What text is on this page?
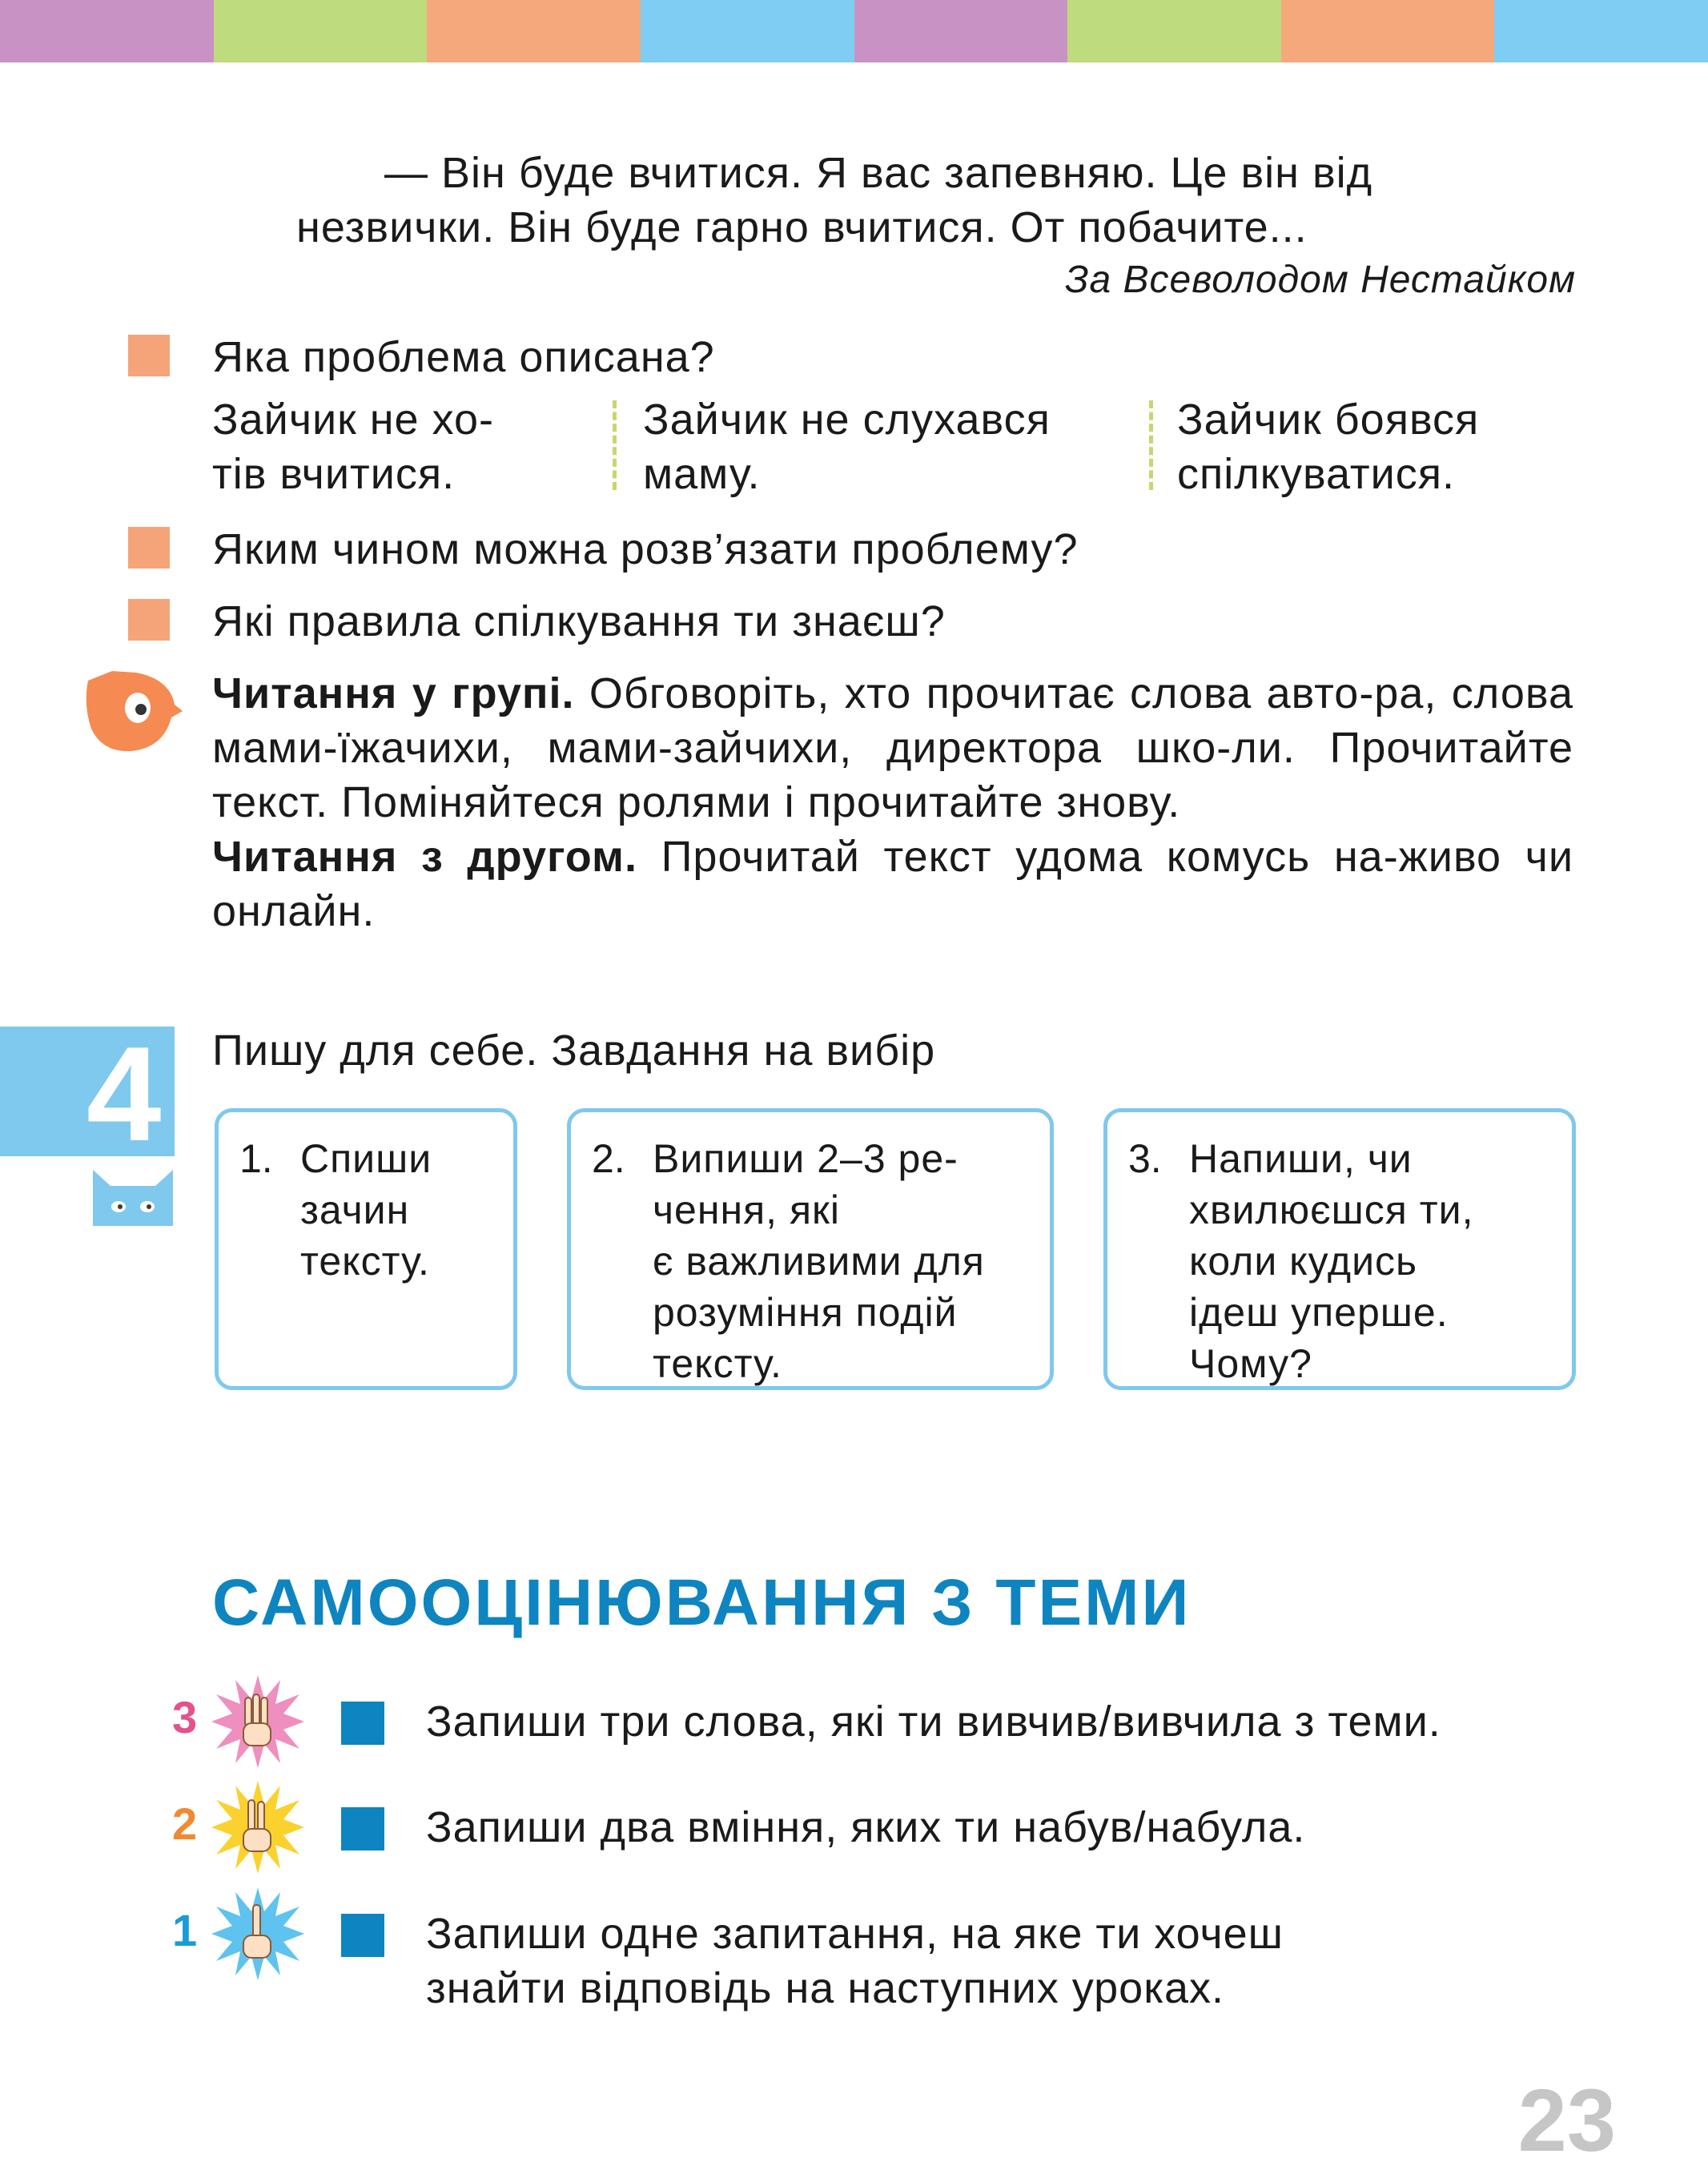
— Він буде вчитися. Я вас запевняю. Це він від
незвички. Він буде гарно вчитися. От побачите...
За Всеволодом Нестайком
Яка проблема описана?
Зайчик не хо-
тів вчитися.
Зайчик не слухався
маму.
Зайчик боявся
спілкуватися.
Яким чином можна розв’язати проблему?
Які правила спілкування ти знаєш?
Читання у групі. Обговоріть, хто прочитає слова авто-ра, слова мами-їжачихи, мами-зайчихи, директора шко-ли. Прочитайте текст. Поміняйтеся ролями і прочитайте знову.
Читання з другом. Прочитай текст удома комусь на-живо чи онлайн.
4 Пишу для себе. Завдання на вибір
1. Спиши
зачин
тексту.
2. Випиши 2–3 ре-
чення, які
є важливими для
розуміння подій
тексту.
3. Напиши, чи
хвилюєшся ти,
коли кудись
ідеш уперше.
Чому?
САМООЦІНЮВАННЯ З ТЕМИ
3	Запиши три слова, які ти вивчив/вивчила з теми.
2	Запиши два вміння, яких ти набув/набула.
1	Запиши одне запитання, на яке ти хочеш
знайти відповідь на наступних уроках.
23
